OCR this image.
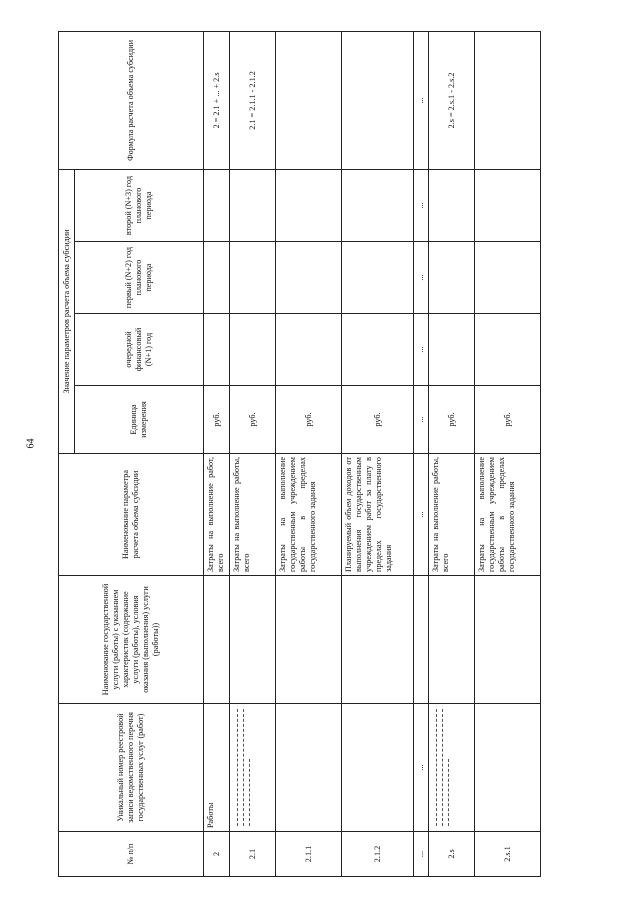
64
№ п/п	Уникальный номер реестровой записи ведомственного перечня государственных услуг (работ)	Наименование государственной услуги (работы) с указанием характеристик (содержание услуги (работы), условия оказания (выполнения) услуги (работы))	Наименование параметра расчета объема субсидии	Значение параметров расчета объема субсидии				Формула расчета объема субсидии
				Единица измерения	очередной финансовый (N+1) год	первый (N+2) год планового периода	второй (N+3) год планового периода	
2	Работы		Затраты на выполнение работ, всего	руб.				2 = 2.1 + ... + 2.s
2.1			Затраты на выполнение работы, всего	руб.				2.1 = 2.1.1 - 2.1.2
2.1.1			Затраты на выполнение государственным учреждением работы в пределах государственного задания	руб.				
2.1.2			Планируемый объем доходов от выполнения государственным учреждением работ за плату в пределах государственного задания	руб.				
...	...		...	...	...	...	...	...
2.s			Затраты на выполнение работы, всего	руб.				2.s = 2.s.1 - 2.s.2
2.s.1			Затраты на выполнение государственным учреждением работы в пределах государственного задания	руб.				
